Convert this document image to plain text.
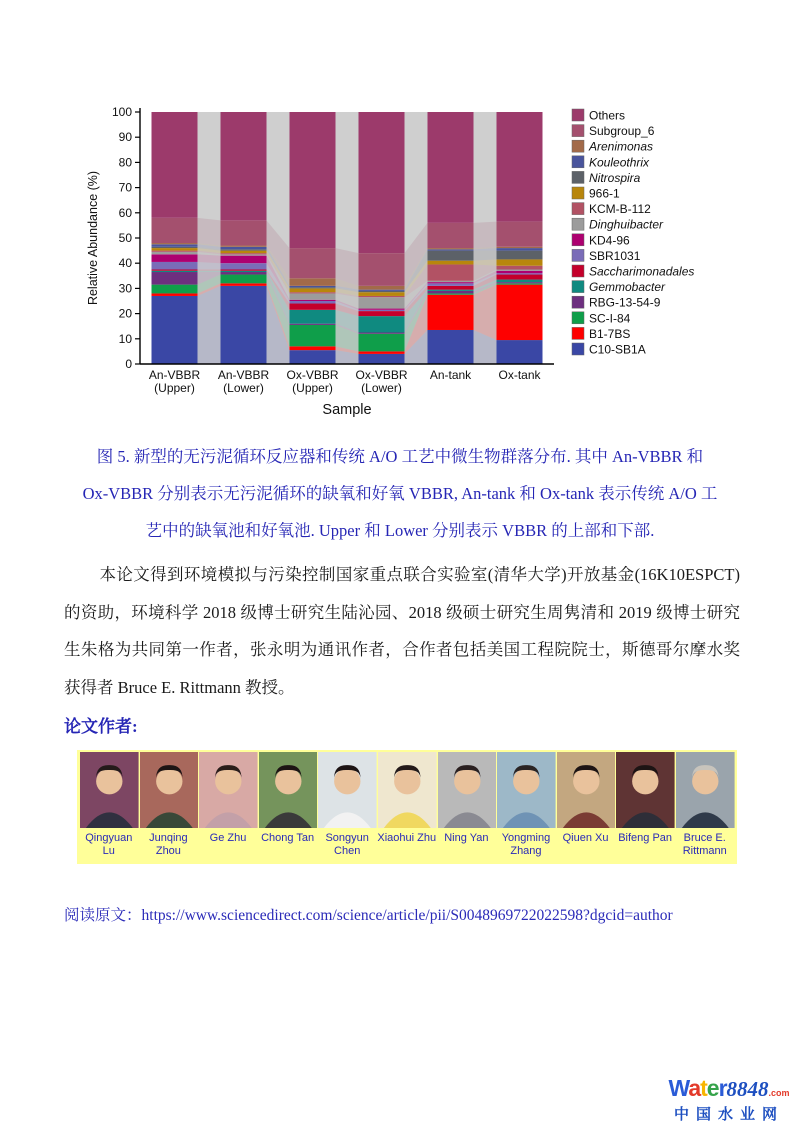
0
10
20
30
40
50
60
70
80
90
100
Relative Abundance (%)
An-VBBR
(Upper)
An-VBBR
(Lower)
Ox-VBBR
(Upper)
Ox-VBBR
(Lower)
An-tank Ox-tank
Sample
Others
Subgroup_6
Arenimonas
Kouleothrix
Nitrospira
966-1
KCM-B-112
Dinghuibacter
KD4-96
SBR1031
Saccharimonadales
Gemmobacter
RBG-13-54-9
SC-I-84
B1-7BS
C10-SB1A
图 5. 新型的无污泥循环反应器和传统 A/O 工艺中微生物群落分布. 其中 An-VBBR 和
Ox-VBBR 分别表示无污泥循环的缺氧和好氧 VBBR, An-tank 和 Ox-tank 表示传统 A/O 工
艺中的缺氧池和好氧池. Upper 和 Lower 分别表示 VBBR 的上部和下部.
本论文得到环境模拟与污染控制国家重点联合实验室(清华大学)开放基金(16K10ESPCT)的资助，环境科学 2018 级博士研究生陆沁园、2018 级硕士研究生周隽清和 2019 级博士研究生朱格为共同第一作者，张永明为通讯作者，合作者包括美国工程院院士，斯德哥尔摩水奖获得者 Bruce E. Rittmann 教授。
论文作者:
Qingyuan Lu
Junqing Zhou
Ge Zhu	Chong Tan	Songyun Chen
Xiaohui Zhu Ning Yan	Yongming Zhang
Qiuen Xu Bifeng Pan	Bruce E. Rittmann
阅读原文：https://www.sciencedirect.com/science/article/pii/S0048969722022598?dgcid=author
Water8848.com
中国水业网
